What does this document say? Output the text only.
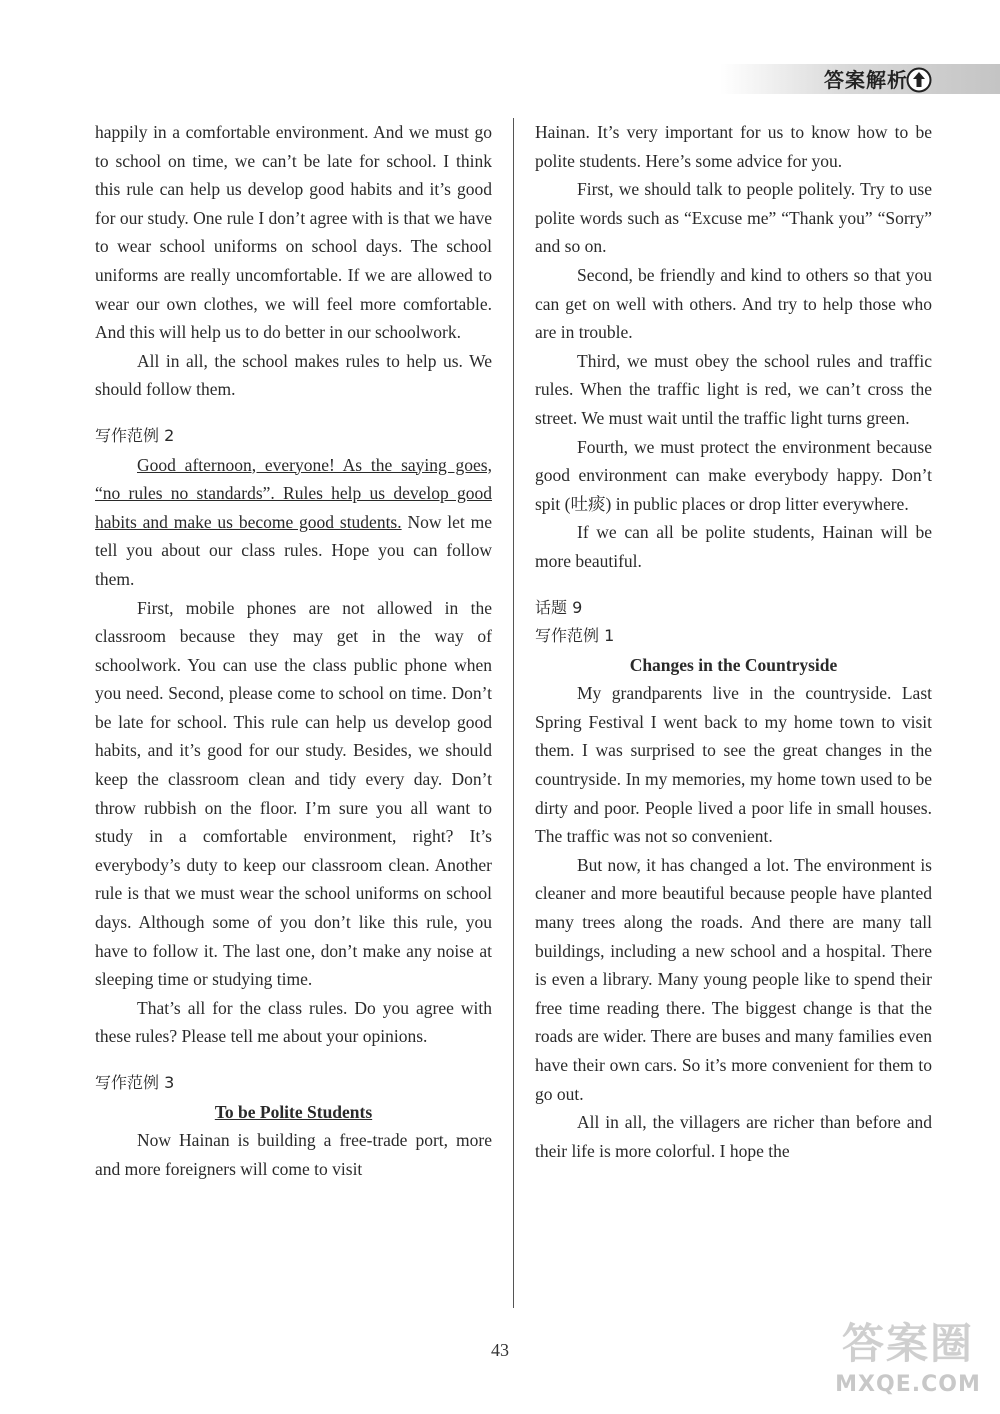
答案解析

happily in a comfortable environment. And we must go to school on time, we can’t be late for school. I think this rule can help us develop good habits and it’s good for our study. One rule I don’t agree with is that we have to wear school uniforms on school days. The school uniforms are really uncomfortable. If we are allowed to wear our own clothes, we will feel more comfortable. And this will help us to do better in our schoolwork.

All in all, the school makes rules to help us. We should follow them.

写作范例 2

Good afternoon, everyone! As the saying goes, “no rules no standards”. Rules help us develop good habits and make us become good students. Now let me tell you about our class rules. Hope you can follow them.

First, mobile phones are not allowed in the classroom because they may get in the way of schoolwork. You can use the class public phone when you need. Second, please come to school on time. Don’t be late for school. This rule can help us develop good habits, and it’s good for our study. Besides, we should keep the classroom clean and tidy every day. Don’t throw rubbish on the floor. I’m sure you all want to study in a comfortable environment, right? It’s everybody’s duty to keep our classroom clean. Another rule is that we must wear the school uniforms on school days. Although some of you don’t like this rule, you have to follow it. The last one, don’t make any noise at sleeping time or studying time.

That’s all for the class rules. Do you agree with these rules? Please tell me about your opinions.

写作范例 3

To be Polite Students

Now Hainan is building a free-trade port, more and more foreigners will come to visit

Hainan. It’s very important for us to know how to be polite students. Here’s some advice for you.

First, we should talk to people politely. Try to use polite words such as “Excuse me” “Thank you” “Sorry” and so on.

Second, be friendly and kind to others so that you can get on well with others. And try to help those who are in trouble.

Third, we must obey the school rules and traffic rules. When the traffic light is red, we can’t cross the street. We must wait until the traffic light turns green.

Fourth, we must protect the environment because good environment can make everybody happy. Don’t spit (吐痰) in public places or drop litter everywhere.

If we can all be polite students, Hainan will be more beautiful.

话题 9

写作范例 1

Changes in the Countryside

My grandparents live in the countryside. Last Spring Festival I went back to my home town to visit them. I was surprised to see the great changes in the countryside. In my memories, my home town used to be dirty and poor. People lived a poor life in small houses. The traffic was not so convenient.

But now, it has changed a lot. The environment is cleaner and more beautiful because people have planted many trees along the roads. And there are many tall buildings, including a new school and a hospital. There is even a library. Many young people like to spend their free time reading there. The biggest change is that the roads are wider. There are buses and many families even have their own cars. So it’s more convenient for them to go out.

All in all, the villagers are richer than before and their life is more colorful. I hope the

43	答案圈
MXQE.COM
